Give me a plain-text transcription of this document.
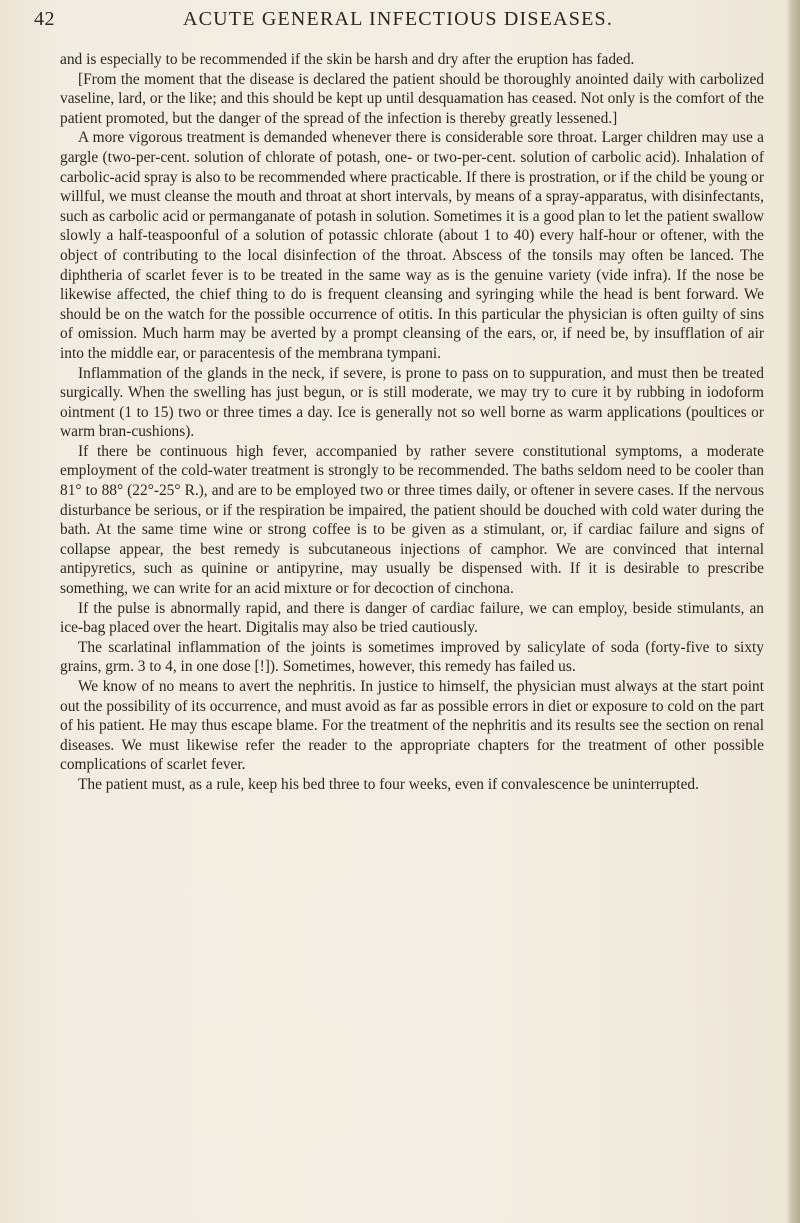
42	ACUTE GENERAL INFECTIOUS DISEASES.

and is especially to be recommended if the skin be harsh and dry after the eruption has faded.

[From the moment that the disease is declared the patient should be thoroughly anointed daily with carbolized vaseline, lard, or the like; and this should be kept up until desquamation has ceased. Not only is the comfort of the patient promoted, but the danger of the spread of the infection is thereby greatly lessened.]

A more vigorous treatment is demanded whenever there is considerable sore throat. Larger children may use a gargle (two-per-cent. solution of chlorate of potash, one- or two-per-cent. solution of carbolic acid). Inhalation of carbolic-acid spray is also to be recommended where practicable. If there is prostration, or if the child be young or willful, we must cleanse the mouth and throat at short intervals, by means of a spray-apparatus, with disinfectants, such as carbolic acid or permanganate of potash in solution. Sometimes it is a good plan to let the patient swallow slowly a half-teaspoonful of a solution of potassic chlorate (about 1 to 40) every half-hour or oftener, with the object of contributing to the local disinfection of the throat. Abscess of the tonsils may often be lanced. The diphtheria of scarlet fever is to be treated in the same way as is the genuine variety (vide infra). If the nose be likewise affected, the chief thing to do is frequent cleansing and syringing while the head is bent forward. We should be on the watch for the possible occurrence of otitis. In this particular the physician is often guilty of sins of omission. Much harm may be averted by a prompt cleansing of the ears, or, if need be, by insufflation of air into the middle ear, or paracentesis of the membrana tympani.

Inflammation of the glands in the neck, if severe, is prone to pass on to suppuration, and must then be treated surgically. When the swelling has just begun, or is still moderate, we may try to cure it by rubbing in iodoform ointment (1 to 15) two or three times a day. Ice is generally not so well borne as warm applications (poultices or warm bran-cushions).

If there be continuous high fever, accompanied by rather severe constitutional symptoms, a moderate employment of the cold-water treatment is strongly to be recommended. The baths seldom need to be cooler than 81° to 88° (22°-25° R.), and are to be employed two or three times daily, or oftener in severe cases. If the nervous disturbance be serious, or if the respiration be impaired, the patient should be douched with cold water during the bath. At the same time wine or strong coffee is to be given as a stimulant, or, if cardiac failure and signs of collapse appear, the best remedy is subcutaneous injections of camphor. We are convinced that internal antipyretics, such as quinine or antipyrine, may usually be dispensed with. If it is desirable to prescribe something, we can write for an acid mixture or for decoction of cinchona.

If the pulse is abnormally rapid, and there is danger of cardiac failure, we can employ, beside stimulants, an ice-bag placed over the heart. Digitalis may also be tried cautiously.

The scarlatinal inflammation of the joints is sometimes improved by salicylate of soda (forty-five to sixty grains, grm. 3 to 4, in one dose [!]). Sometimes, however, this remedy has failed us.

We know of no means to avert the nephritis. In justice to himself, the physician must always at the start point out the possibility of its occurrence, and must avoid as far as possible errors in diet or exposure to cold on the part of his patient. He may thus escape blame. For the treatment of the nephritis and its results see the section on renal diseases. We must likewise refer the reader to the appropriate chapters for the treatment of other possible complications of scarlet fever.

The patient must, as a rule, keep his bed three to four weeks, even if convalescence be uninterrupted.
